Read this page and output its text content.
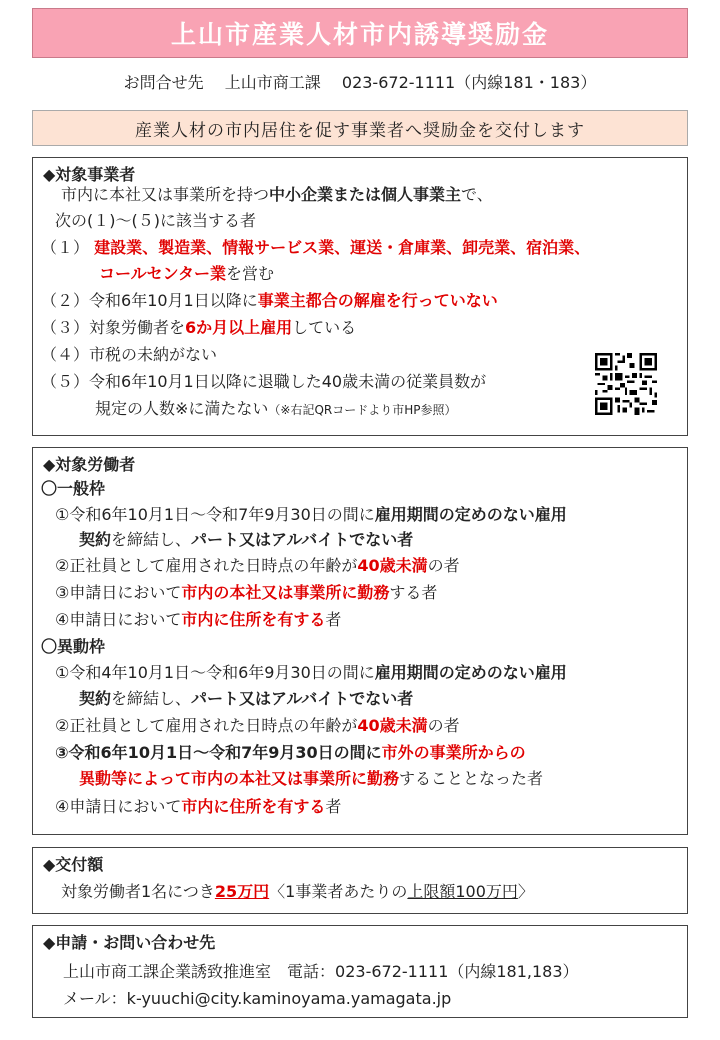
上山市産業人材市内誘導奨励金
お問合せ先 上山市商工課 023-672-1111（内線181・183）
産業人材の市内居住を促す事業者へ奨励金を交付します
◆対象事業者
市内に本社又は事業所を持つ中小企業または個人事業主で、
次の(１)～(５)に該当する者
（１） 建設業、製造業、情報サービス業、運送・倉庫業、卸売業、宿泊業、
コールセンター業を営む
（２）令和6年10月1日以降に事業主都合の解雇を行っていない
（３）対象労働者を6か月以上雇用している
（４）市税の未納がない
（５）令和6年10月1日以降に退職した40歳未満の従業員数が
規定の人数※に満たない（※右記QRコードより市HP参照）
◆対象労働者
〇一般枠
①令和6年10月1日～令和7年9月30日の間に雇用期間の定めのない雇用
契約を締結し、パート又はアルバイトでない者
②正社員として雇用された日時点の年齢が40歳未満の者
③申請日において市内の本社又は事業所に勤務する者
④申請日において市内に住所を有する者
〇異動枠
①令和4年10月1日～令和6年9月30日の間に雇用期間の定めのない雇用
契約を締結し、パート又はアルバイトでない者
②正社員として雇用された日時点の年齢が40歳未満の者
③令和6年10月1日～令和7年9月30日の間に市外の事業所からの
異動等によって市内の本社又は事業所に勤務することとなった者
④申請日において市内に住所を有する者
◆交付額
対象労働者1名につき25万円〈1事業者あたりの上限額100万円〉
◆申請・お問い合わせ先
上山市商工課企業誘致推進室　 電話：023-672-1111（内線181,183）
メール：k-yuuchi@city.kaminoyama.yamagata.jp
